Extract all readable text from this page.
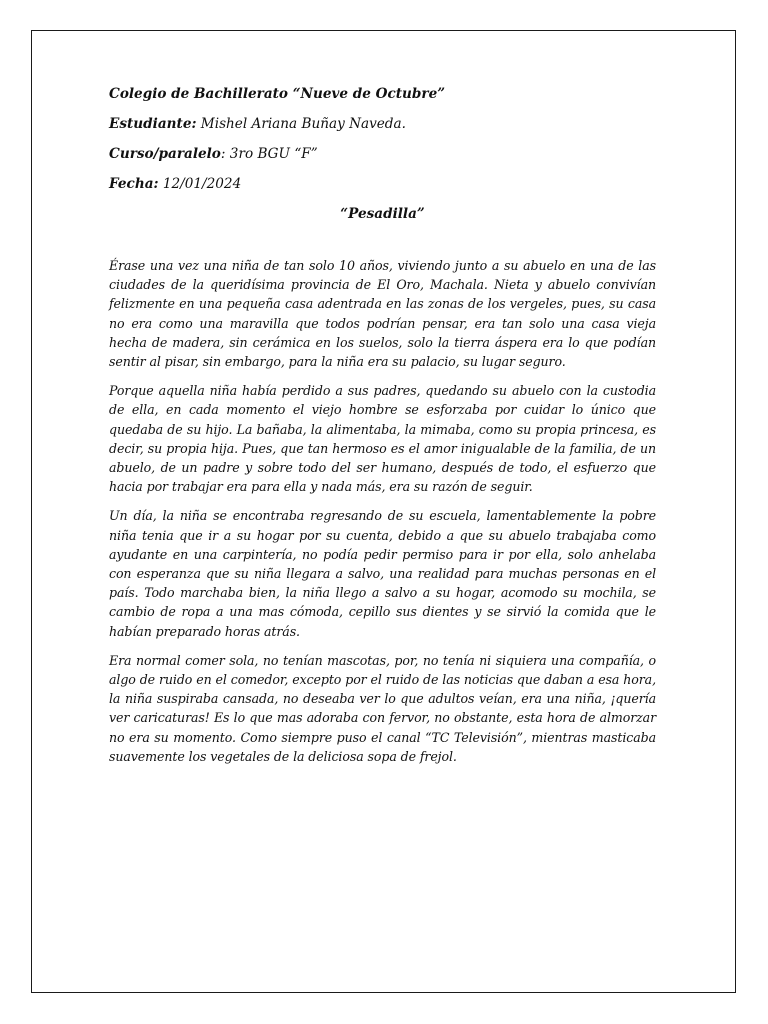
Colegio de Bachillerato “Nueve de Octubre”
Estudiante: Mishel Ariana Buñay Naveda.
Curso/paralelo: 3ro BGU “F”
Fecha: 12/01/2024
“Pesadilla”

Érase una vez una niña de tan solo 10 años, viviendo junto a su abuelo en una de las ciudades de la queridísima provincia de El Oro, Machala. Nieta y abuelo convivían felizmente en una pequeña casa adentrada en las zonas de los vergeles, pues, su casa no era como una maravilla que todos podrían pensar, era tan solo una casa vieja hecha de madera, sin cerámica en los suelos, solo la tierra áspera era lo que podían sentir al pisar, sin embargo, para la niña era su palacio, su lugar seguro.

Porque aquella niña había perdido a sus padres, quedando su abuelo con la custodia de ella, en cada momento el viejo hombre se esforzaba por cuidar lo único que quedaba de su hijo. La bañaba, la alimentaba, la mimaba, como su propia princesa, es decir, su propia hija. Pues, que tan hermoso es el amor inigualable de la familia, de un abuelo, de un padre y sobre todo del ser humano, después de todo, el esfuerzo que hacia por trabajar era para ella y nada más, era su razón de seguir.

Un día, la niña se encontraba regresando de su escuela, lamentablemente la pobre niña tenia que ir a su hogar por su cuenta, debido a que su abuelo trabajaba como ayudante en una carpintería, no podía pedir permiso para ir por ella, solo anhelaba con esperanza que su niña llegara a salvo, una realidad para muchas personas en el país. Todo marchaba bien, la niña llego a salvo a su hogar, acomodo su mochila, se cambio de ropa a una mas cómoda, cepillo sus dientes y se sirvió la comida que le habían preparado horas atrás.

Era normal comer sola, no tenían mascotas, por, no tenía ni siquiera una compañía, o algo de ruido en el comedor, excepto por el ruido de las noticias que daban a esa hora, la niña suspiraba cansada, no deseaba ver lo que adultos veían, era una niña, ¡quería ver caricaturas! Es lo que mas adoraba con fervor, no obstante, esta hora de almorzar no era su momento. Como siempre puso el canal “TC Televisión”, mientras masticaba suavemente los vegetales de la deliciosa sopa de frejol.
